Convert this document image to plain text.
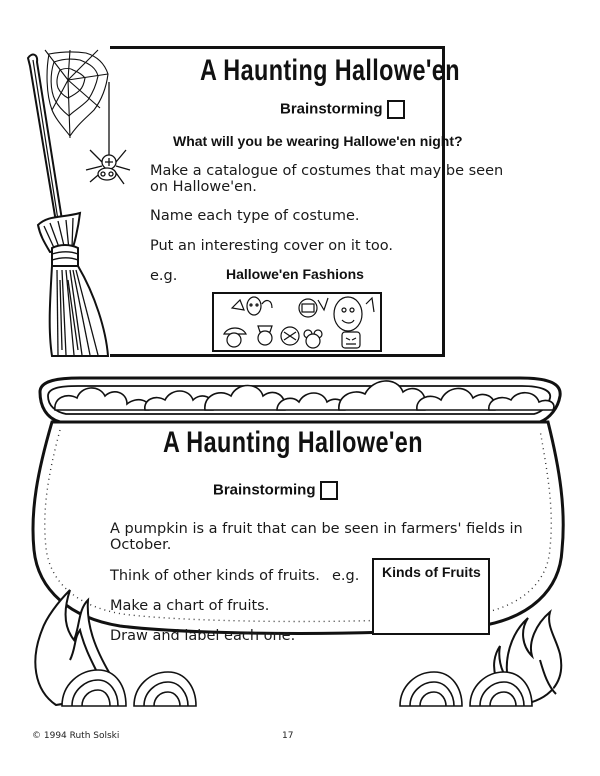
A Haunting Hallowe'en
Brainstorming
What will you be wearing Hallowe'en night?
Make a catalogue of costumes that may be seen
on Hallowe'en.
Name each type of costume.
Put an interesting cover on it too.
e.g.	Hallowe'en Fashions
A Haunting Hallowe'en
Brainstorming
A pumpkin is a fruit that can be seen in farmers' fields in
October.
Think of other kinds of fruits. e.g.
Make a chart of fruits.
Draw and label each one.
Kinds of Fruits
© 1994 Ruth Solski	17
